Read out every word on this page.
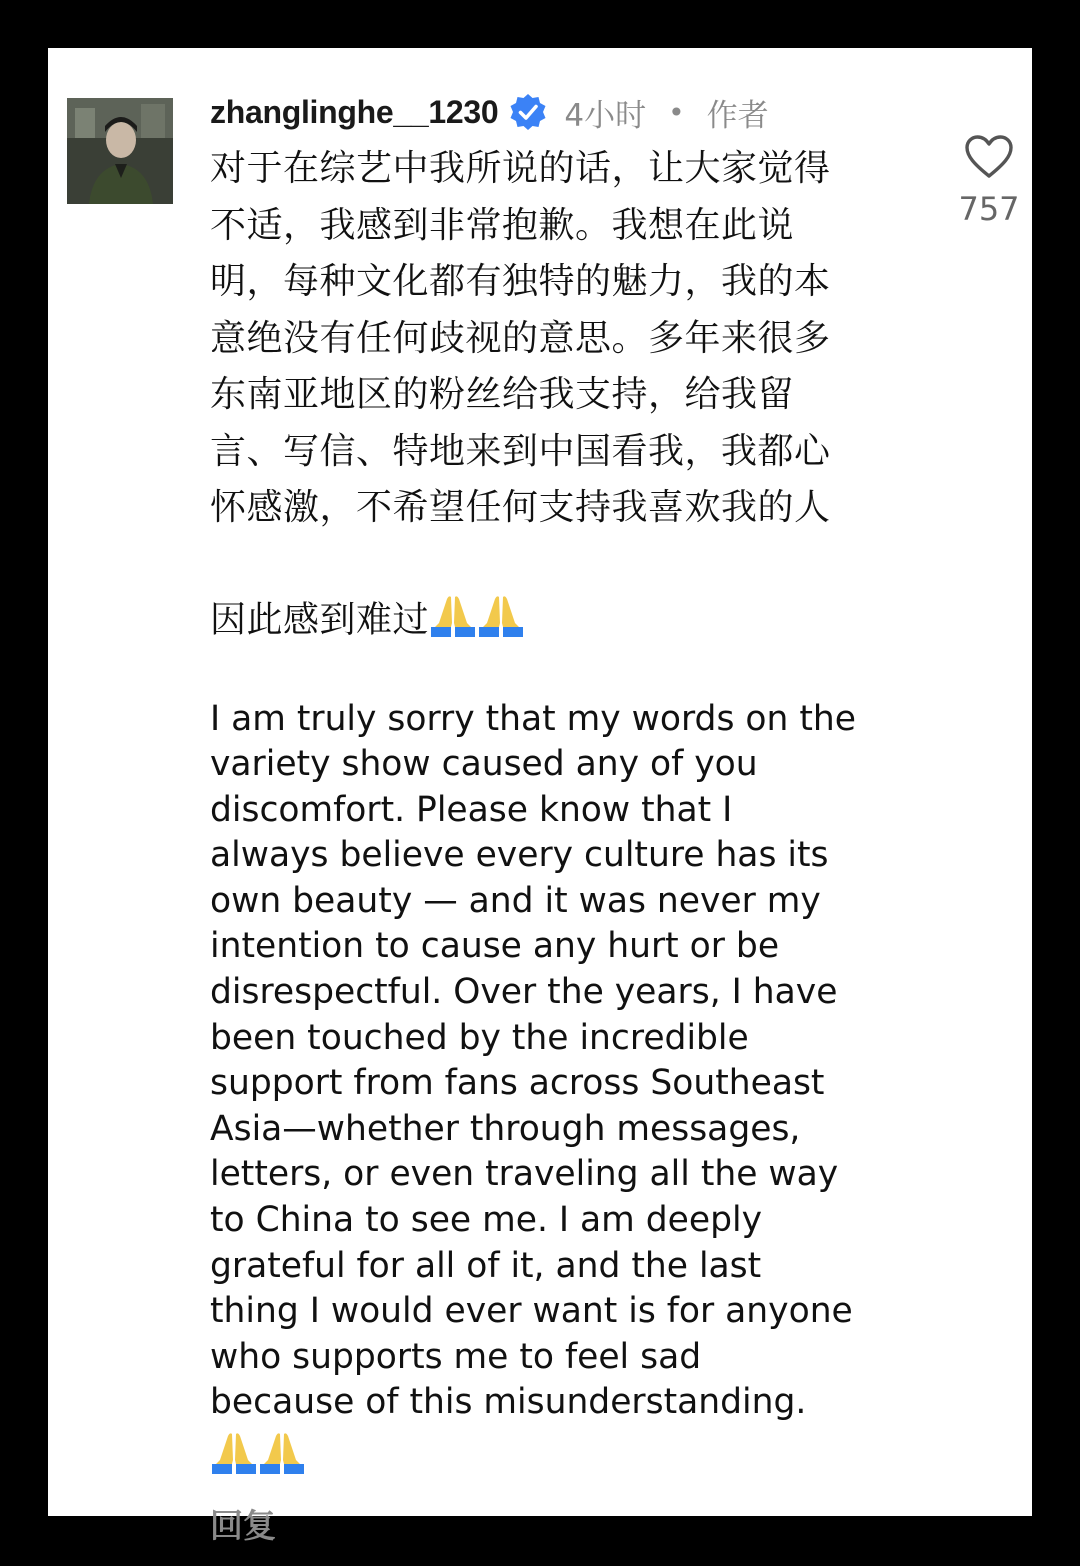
zhanglinghe__1230 4小时 • 作者
对于在综艺中我所说的话，让大家觉得
不适，我感到非常抱歉。我想在此说
明，每种文化都有独特的魅力，我的本
意绝没有任何歧视的意思。多年来很多
东南亚地区的粉丝给我支持，给我留
言、写信、特地来到中国看我，我都心
怀感激，不希望任何支持我喜欢我的人
因此感到难过

I am truly sorry that my words on the
variety show caused any of you
discomfort. Please know that I
always believe every culture has its
own beauty — and it was never my
intention to cause any hurt or be
disrespectful. Over the years, I have
been touched by the incredible
support from fans across Southeast
Asia—whether through messages,
letters, or even traveling all the way
to China to see me. I am deeply
grateful for all of it, and the last
thing I would ever want is for anyone
who supports me to feel sad
because of this misunderstanding.
回复
757
